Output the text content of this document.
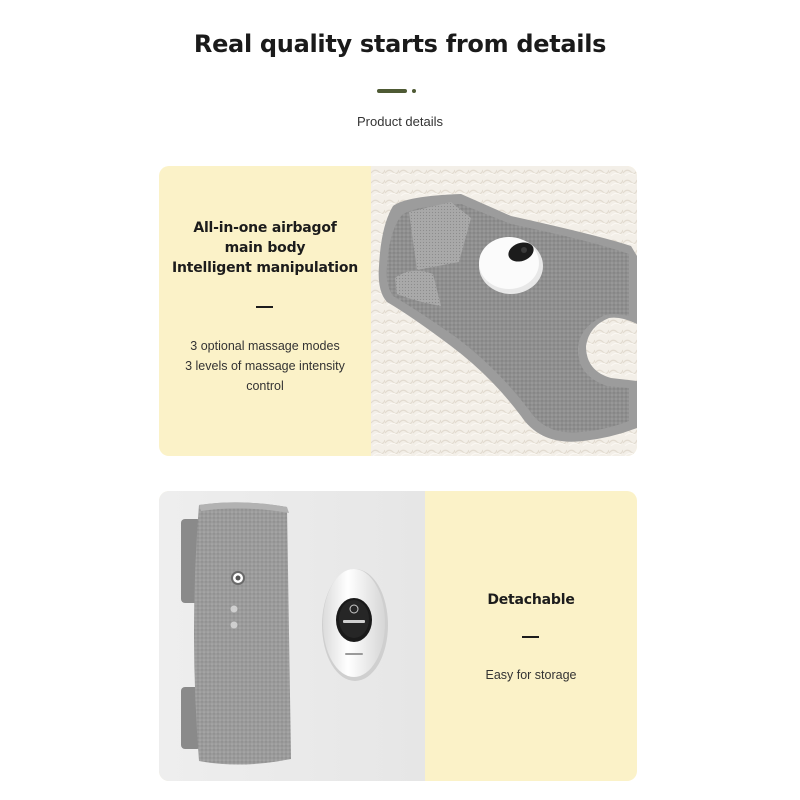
Real quality starts from details
Product details
All-in-one airbagof
main body
Intelligent manipulation
3 optional massage modes
3 levels of massage intensity
control
Detachable
Easy for storage
